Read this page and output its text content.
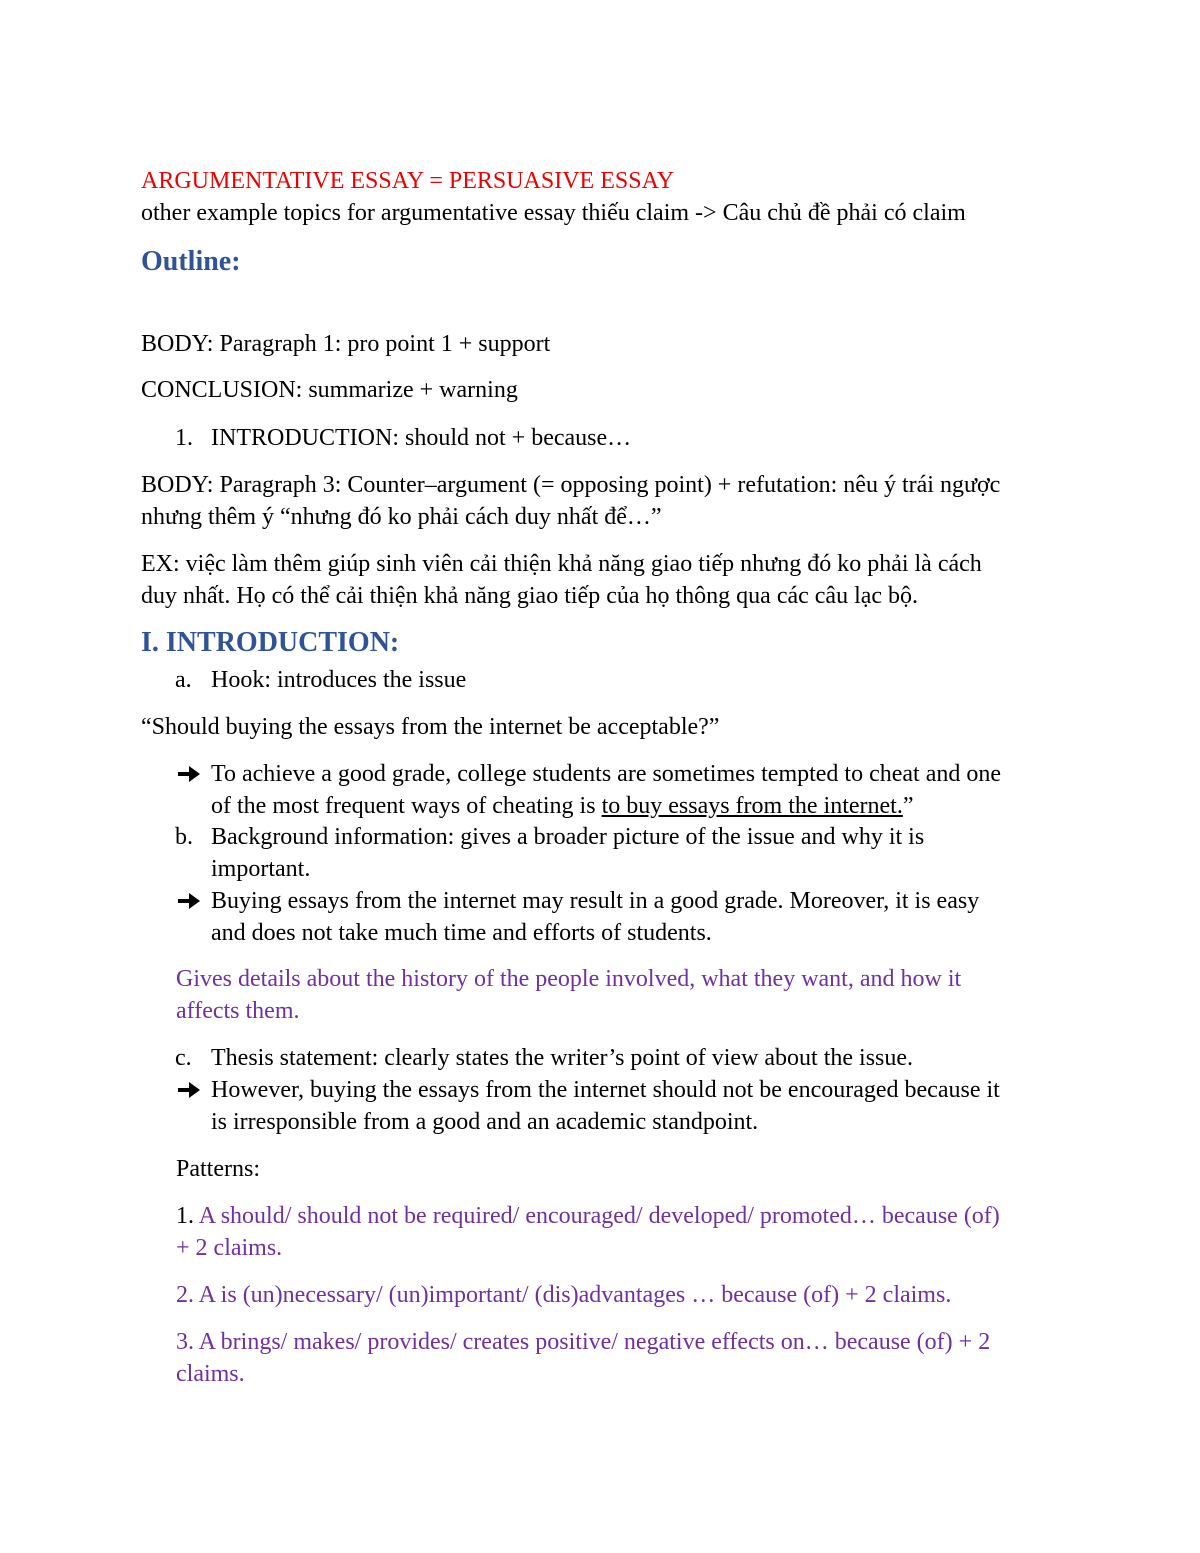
ARGUMENTATIVE ESSAY = PERSUASIVE ESSAY
other example topics for argumentative essay thiếu claim -> Câu chủ đề phải có claim
Outline:
BODY: Paragraph 1: pro point 1 + support
CONCLUSION: summarize + warning
1. INTRODUCTION: should not + because…
BODY: Paragraph 3: Counter–argument (= opposing point) + refutation: nêu ý trái ngược
nhưng thêm ý “nhưng đó ko phải cách duy nhất để…”
EX: việc làm thêm giúp sinh viên cải thiện khả năng giao tiếp nhưng đó ko phải là cách
duy nhất. Họ có thể cải thiện khả năng giao tiếp của họ thông qua các câu lạc bộ.
I. INTRODUCTION:
a. Hook: introduces the issue
“Should buying the essays from the internet be acceptable?”
To achieve a good grade, college students are sometimes tempted to cheat and one
of the most frequent ways of cheating is to buy essays from the internet.”
b. Background information: gives a broader picture of the issue and why it is
important.
Buying essays from the internet may result in a good grade. Moreover, it is easy
and does not take much time and efforts of students.
Gives details about the history of the people involved, what they want, and how it
affects them.
c. Thesis statement: clearly states the writer’s point of view about the issue.
However, buying the essays from the internet should not be encouraged because it
is irresponsible from a good and an academic standpoint.
Patterns:
1. A should/ should not be required/ encouraged/ developed/ promoted… because (of)
+ 2 claims.
2. A is (un)necessary/ (un)important/ (dis)advantages … because (of) + 2 claims.
3. A brings/ makes/ provides/ creates positive/ negative effects on… because (of) + 2
claims.
